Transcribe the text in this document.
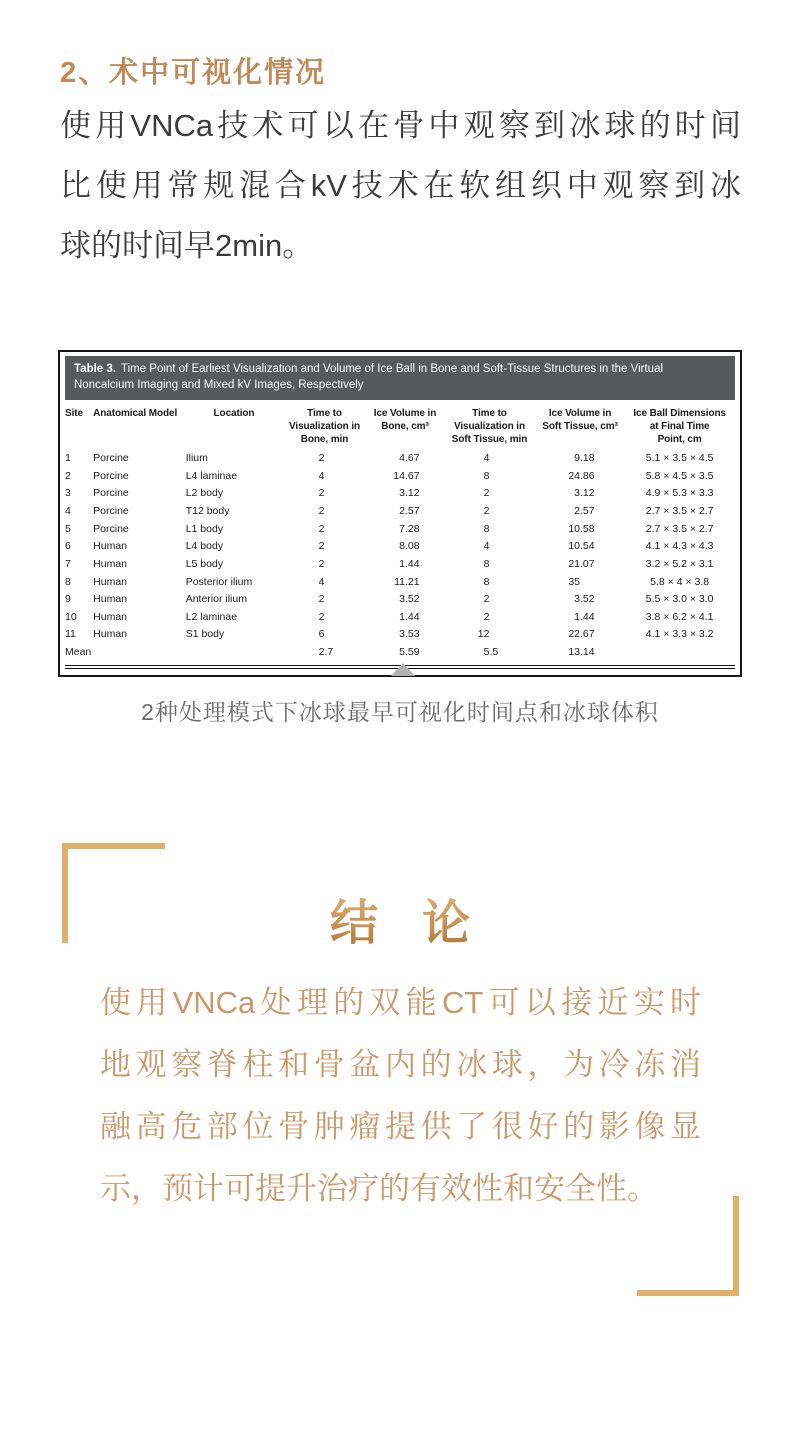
2、术中可视化情况
使用VNCa技术可以在骨中观察到冰球的时间
比使用常规混合kV技术在软组织中观察到冰
球的时间早2min。
Table 3. Time Point of Earliest Visualization and Volume of Ice Ball in Bone and Soft-Tissue Structures in the Virtual Noncalcium Imaging and Mixed kV Images, Respectively
Site	Anatomical Model	Location	Time to
Visualization in
Bone, min	Ice Volume in
Bone, cm³	Time to
Visualization in
Soft Tissue, min	Ice Volume in
Soft Tissue, cm³	Ice Ball Dimensions
at Final Time
Point, cm
1	Porcine	Ilium	2	4.67	4	9.18	5.1 × 3.5 × 4.5
2	Porcine	L4 laminae	4	14.67	8	24.86	5.8 × 4.5 × 3.5
3	Porcine	L2 body	2	3.12	2	3.12	4.9 × 5.3 × 3.3
4	Porcine	T12 body	2	2.57	2	2.57	2.7 × 3.5 × 2.7
5	Porcine	L1 body	2	7.28	8	10.58	2.7 × 3.5 × 2.7
6	Human	L4 body	2	8.08	4	10.54	4.1 × 4.3 × 4.3
7	Human	L5 body	2	1.44	8	21.07	3.2 × 5.2 × 3.1
8	Human	Posterior ilium	4	11.21	8	35	5.8 × 4 × 3.8
9	Human	Anterior ilium	2	3.52	2	3.52	5.5 × 3.0 × 3.0
10	Human	L2 laminae	2	1.44	2	1.44	3.8 × 6.2 × 4.1
11	Human	S1 body	6	3.53	12	22.67	4.1 × 3.3 × 3.2
Mean			2.7	5.59	5.5	13.14	
2种处理模式下冰球最早可视化时间点和冰球体积
结 论
使用VNCa处理的双能CT可以接近实时
地观察脊柱和骨盆内的冰球，为冷冻消
融高危部位骨肿瘤提供了很好的影像显
示，预计可提升治疗的有效性和安全性。
